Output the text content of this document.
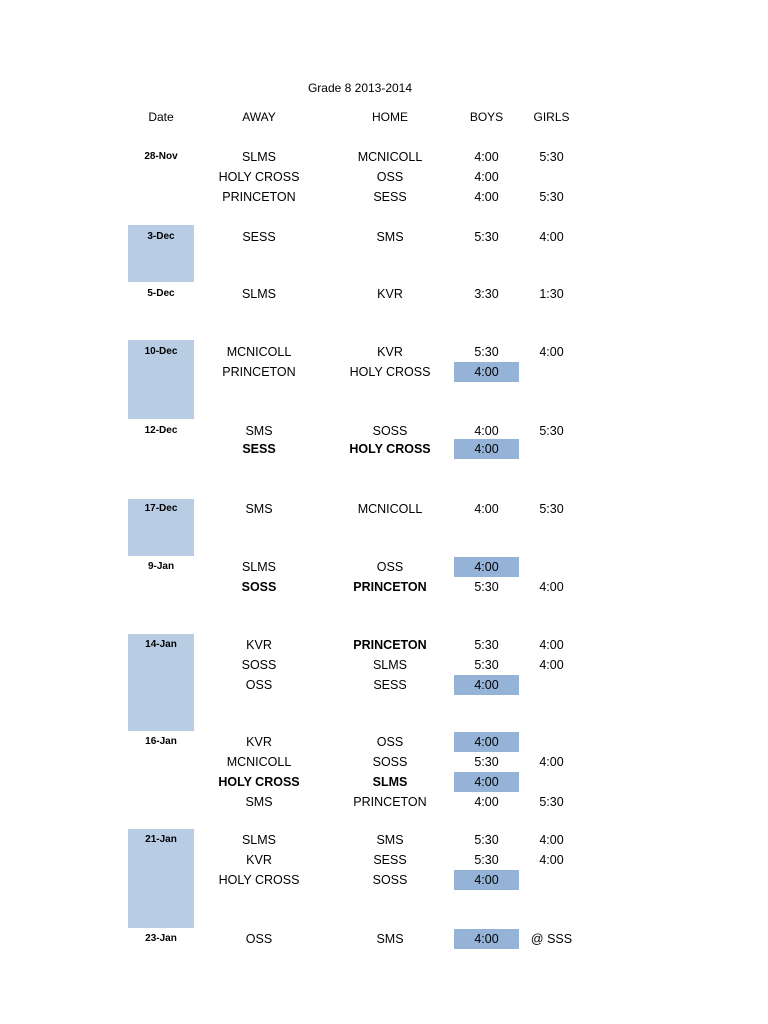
Grade 8 2013-2014
Date	AWAY	HOME	BOYS	GIRLS
28-Nov	SLMS	MCNICOLL	4:00	5:30
HOLY CROSS	OSS	4:00
PRINCETON	SESS	4:00	5:30
3-Dec	SESS	SMS	5:30	4:00
5-Dec	SLMS	KVR	3:30	1:30
10-Dec	MCNICOLL	KVR	5:30	4:00
PRINCETON	HOLY CROSS	4:00
12-Dec	SMS	SOSS	4:00	5:30
SESS	HOLY CROSS	4:00
17-Dec	SMS	MCNICOLL	4:00	5:30
9-Jan	SLMS	OSS	4:00
SOSS	PRINCETON	5:30	4:00
14-Jan	KVR	PRINCETON	5:30	4:00
SOSS	SLMS	5:30	4:00
OSS	SESS	4:00
16-Jan	KVR	OSS	4:00
MCNICOLL	SOSS	5:30	4:00
HOLY CROSS	SLMS	4:00
SMS	PRINCETON	4:00	5:30
21-Jan	SLMS	SMS	5:30	4:00
KVR	SESS	5:30	4:00
HOLY CROSS	SOSS	4:00
23-Jan	OSS	SMS	4:00	@ SSS
